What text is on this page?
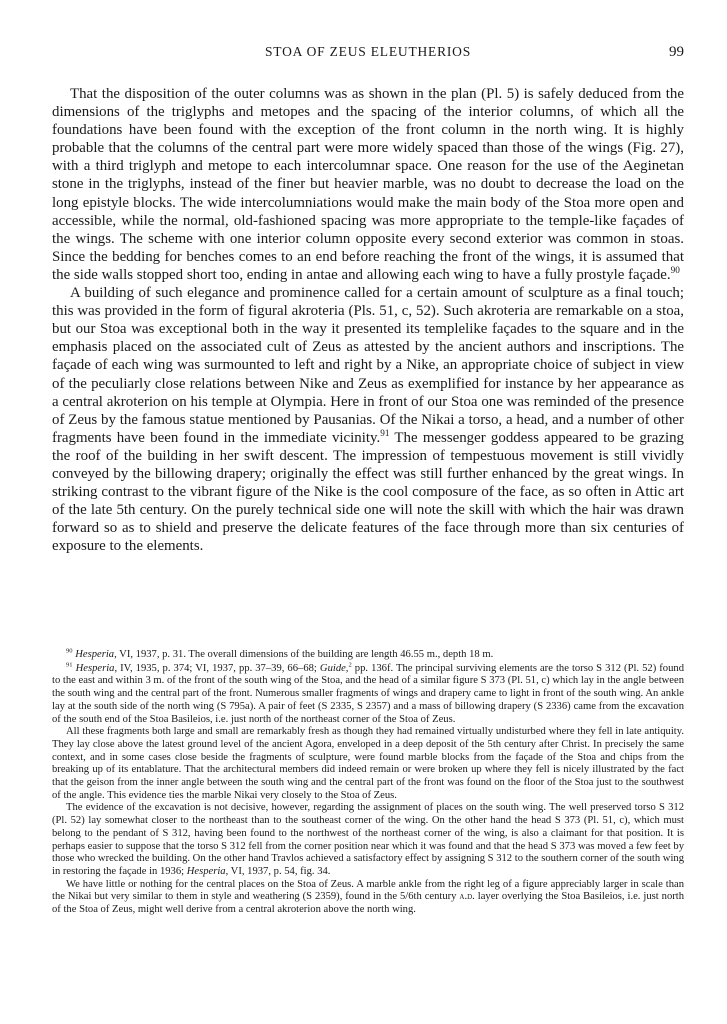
STOA OF ZEUS ELEUTHERIOS	99

That the disposition of the outer columns was as shown in the plan (Pl. 5) is safely deduced from the dimensions of the triglyphs and metopes and the spacing of the interior columns, of which all the foundations have been found with the exception of the front column in the north wing. It is highly probable that the columns of the central part were more widely spaced than those of the wings (Fig. 27), with a third triglyph and metope to each intercolumnar space. One reason for the use of the Aeginetan stone in the triglyphs, instead of the finer but heavier marble, was no doubt to decrease the load on the long epistyle blocks. The wide intercolumniations would make the main body of the Stoa more open and accessible, while the normal, old-fashioned spacing was more appropriate to the temple-like façades of the wings. The scheme with one interior column opposite every second exterior was common in stoas. Since the bedding for benches comes to an end before reaching the front of the wings, it is assumed that the side walls stopped short too, ending in antae and allowing each wing to have a fully prostyle façade.$^{90}$

A building of such elegance and prominence called for a certain amount of sculpture as a final touch; this was provided in the form of figural akroteria (Pls. 51, c, 52). Such akroteria are remarkable on a stoa, but our Stoa was exceptional both in the way it presented its templelike façades to the square and in the emphasis placed on the associated cult of Zeus as attested by the ancient authors and inscriptions. The façade of each wing was surmounted to left and right by a Nike, an appropriate choice of subject in view of the peculiarly close relations between Nike and Zeus as exemplified for instance by her appearance as a central akroterion on his temple at Olympia. Here in front of our Stoa one was reminded of the presence of Zeus by the famous statue mentioned by Pausanias. Of the Nikai a torso, a head, and a number of other fragments have been found in the immediate vicinity.$^{91}$ The messenger goddess appeared to be grazing the roof of the building in her swift descent. The impression of tempestuous movement is still vividly conveyed by the billowing drapery; originally the effect was still further enhanced by the great wings. In striking contrast to the vibrant figure of the Nike is the cool composure of the face, as so often in Attic art of the late 5th century. On the purely technical side one will note the skill with which the hair was drawn forward so as to shield and preserve the delicate features of the face through more than six centuries of exposure to the elements.

$^{90}$ Hesperia, VI, 1937, p. 31. The overall dimensions of the building are length 46.55 m., depth 18 m.

$^{91}$ Hesperia, IV, 1935, p. 374; VI, 1937, pp. 37–39, 66–68; Guide,$^2$ pp. 136f. The principal surviving elements are the torso S 312 (Pl. 52) found to the east and within 3 m. of the front of the south wing of the Stoa, and the head of a similar figure S 373 (Pl. 51, c) which lay in the angle between the south wing and the central part of the front. Numerous smaller fragments of wings and drapery came to light in front of the south wing. An ankle lay at the south side of the north wing (S 795a). A pair of feet (S 2335, S 2357) and a mass of billowing drapery (S 2336) came from the excavation of the south end of the Stoa Basileios, i.e. just north of the northeast corner of the Stoa of Zeus.

All these fragments both large and small are remarkably fresh as though they had remained virtually undisturbed where they fell in late antiquity. They lay close above the latest ground level of the ancient Agora, enveloped in a deep deposit of the 5th century after Christ. In precisely the same context, and in some cases close beside the fragments of sculpture, were found marble blocks from the façade of the Stoa and chips from the breaking up of its entablature. That the architectural members did indeed remain or were broken up where they fell is nicely illustrated by the fact that the geison from the inner angle between the south wing and the central part of the front was found on the floor of the Stoa just to the southwest of the angle. This evidence ties the marble Nikai very closely to the Stoa of Zeus.

The evidence of the excavation is not decisive, however, regarding the assignment of places on the south wing. The well preserved torso S 312 (Pl. 52) lay somewhat closer to the northeast than to the southeast corner of the wing. On the other hand the head S 373 (Pl. 51, c), which must belong to the pendant of S 312, having been found to the northwest of the northeast corner of the wing, is also a claimant for that position. It is perhaps easier to suppose that the torso S 312 fell from the corner position near which it was found and that the head S 373 was moved a few feet by those who wrecked the building. On the other hand Travlos achieved a satisfactory effect by assigning S 312 to the southern corner of the south wing in restoring the façade in 1936; Hesperia, VI, 1937, p. 54, fig. 34.

We have little or nothing for the central places on the Stoa of Zeus. A marble ankle from the right leg of a figure appreciably larger in scale than the Nikai but very similar to them in style and weathering (S 2359), found in the 5/6th century a.d. layer overlying the Stoa Basileios, i.e. just north of the Stoa of Zeus, might well derive from a central akroterion above the north wing.
